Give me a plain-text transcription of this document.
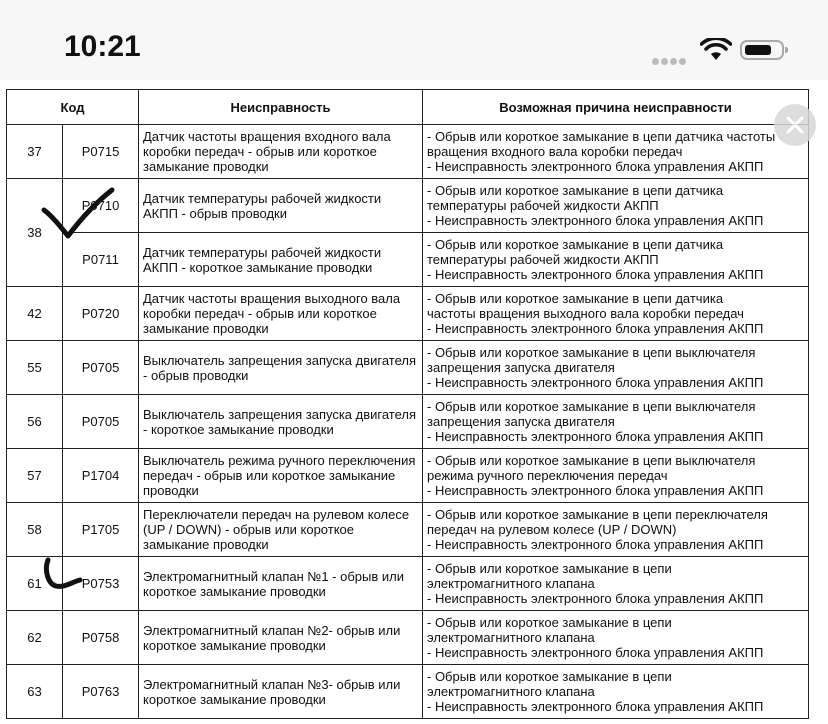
10:21
Код		Неисправность	Возможная причина неисправности
37	P0715	Датчик частоты вращения входного вала коробки передач - обрыв или короткое замыкание проводки	- Обрыв или короткое замыкание в цепи датчика частоты
вращения входного вала коробки передач
- Неисправность электронного блока управления АКПП

38	P0710	Датчик температуры рабочей жидкости АКПП - обрыв проводки	- Обрыв или короткое замыкание в цепи датчика
температуры рабочей жидкости АКПП
- Неисправность электронного блока управления АКПП

	P0711	Датчик температуры рабочей жидкости АКПП - короткое замыкание проводки	- Обрыв или короткое замыкание в цепи датчика
температуры рабочей жидкости АКПП
- Неисправность электронного блока управления АКПП

42	P0720	Датчик частоты вращения выходного вала коробки передач - обрыв или короткое замыкание проводки	- Обрыв или короткое замыкание в цепи датчика
частоты вращения выходного вала коробки передач
- Неисправность электронного блока управления АКПП

55	P0705	Выключатель запрещения запуска двигателя - обрыв проводки	- Обрыв или короткое замыкание в цепи выключателя
запрещения запуска двигателя
- Неисправность электронного блока управления АКПП

56	P0705	Выключатель запрещения запуска двигателя - короткое замыкание проводки	- Обрыв или короткое замыкание в цепи выключателя
запрещения запуска двигателя
- Неисправность электронного блока управления АКПП

57	P1704	Выключатель режима ручного переключения передач - обрыв или короткое замыкание проводки	- Обрыв или короткое замыкание в цепи выключателя
режима ручного переключения передач
- Неисправность электронного блока управления АКПП

58	P1705	Переключатели передач на рулевом колесе (UP / DOWN) - обрыв или короткое замыкание проводки	- Обрыв или короткое замыкание в цепи переключателя
передач на рулевом колесе (UP / DOWN)
- Неисправность электронного блока управления АКПП

61	P0753	Электромагнитный клапан №1 - обрыв или короткое замыкание проводки	- Обрыв или короткое замыкание в цепи
электромагнитного клапана
- Неисправность электронного блока управления АКПП

62	P0758	Электромагнитный клапан №2- обрыв или короткое замыкание проводки	- Обрыв или короткое замыкание в цепи
электромагнитного клапана
- Неисправность электронного блока управления АКПП

63	P0763	Электромагнитный клапан №3- обрыв или короткое замыкание проводки	- Обрыв или короткое замыкание в цепи
электромагнитного клапана
- Неисправность электронного блока управления АКПП
